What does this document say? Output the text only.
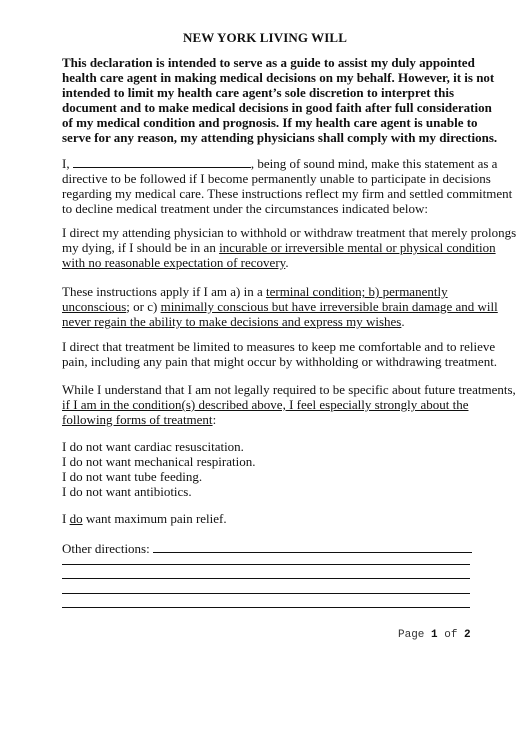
NEW YORK LIVING WILL
This declaration is intended to serve as a guide to assist my duly appointed
health care agent in making medical decisions on my behalf. However, it is not
intended to limit my health care agent’s sole discretion to interpret this
document and to make medical decisions in good faith after full consideration
of my medical condition and prognosis. If my health care agent is unable to
serve for any reason, my attending physicians shall comply with my directions.
I,	, being of sound mind, make this statement as a
directive to be followed if I become permanently unable to participate in decisions
regarding my medical care. These instructions reflect my firm and settled commitment
to decline medical treatment under the circumstances indicated below:
I direct my attending physician to withhold or withdraw treatment that merely prolongs
my dying, if I should be in an incurable or irreversible mental or physical condition
with no reasonable expectation of recovery.
These instructions apply if I am a) in a terminal condition; b) permanently
unconscious; or c) minimally conscious but have irreversible brain damage and will
never regain the ability to make decisions and express my wishes.
I direct that treatment be limited to measures to keep me comfortable and to relieve
pain, including any pain that might occur by withholding or withdrawing treatment.
While I understand that I am not legally required to be specific about future treatments,
if I am in the condition(s) described above, I feel especially strongly about the
following forms of treatment:
I do not want cardiac resuscitation.
I do not want mechanical respiration.
I do not want tube feeding.
I do not want antibiotics.
I do want maximum pain relief.
Other directions:
Page 1 of 2
